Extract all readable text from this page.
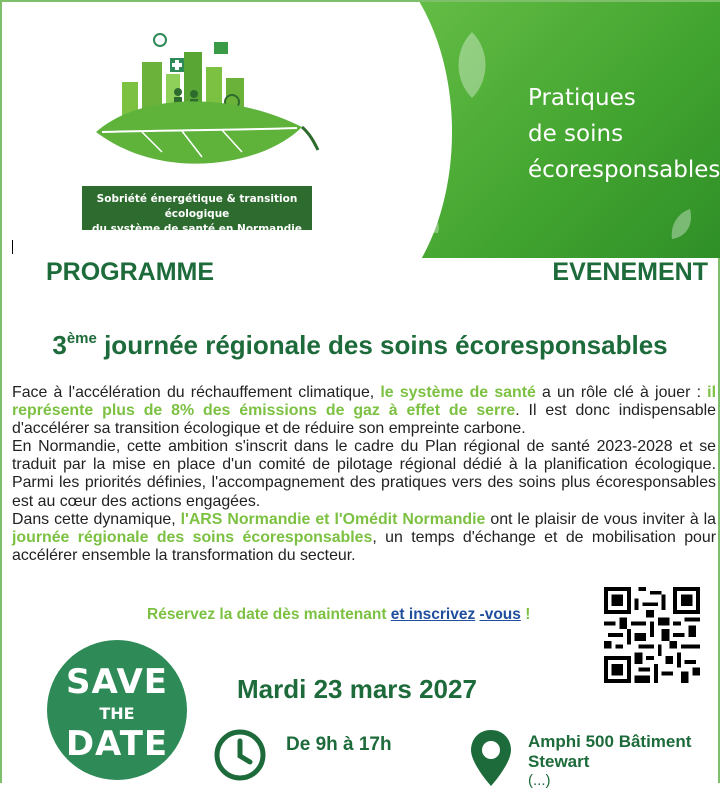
Sobriété énergétique & transition écologique
du système de santé en Normandie
Pratiques
de soins
écoresponsables
PROGRAMME	EVENEMENT
3ème journée régionale des soins écoresponsables

Face à l'accélération du réchauffement climatique, le système de santé a un rôle clé à jouer : il représente plus de 8% des émissions de gaz à effet de serre. Il est donc indispensable d'accélérer sa transition écologique et de réduire son empreinte carbone.

En Normandie, cette ambition s'inscrit dans le cadre du Plan régional de santé 2023-2028 et se traduit par la mise en place d'un comité de pilotage régional dédié à la planification écologique. Parmi les priorités définies, l'accompagnement des pratiques vers des soins plus écoresponsables est au cœur des actions engagées.

Dans cette dynamique, l'ARS Normandie et l'Omédit Normandie ont le plaisir de vous inviter à la journée régionale des soins écoresponsables, un temps d'échange et de mobilisation pour accélérer ensemble la transformation du secteur.

Réservez la date dès maintenant et inscrivez -vous !
SAVE
THE
DATE
Mardi 23 mars 2027
De 9h à 17h	Amphi 500 Bâtiment Stewart
(...)
